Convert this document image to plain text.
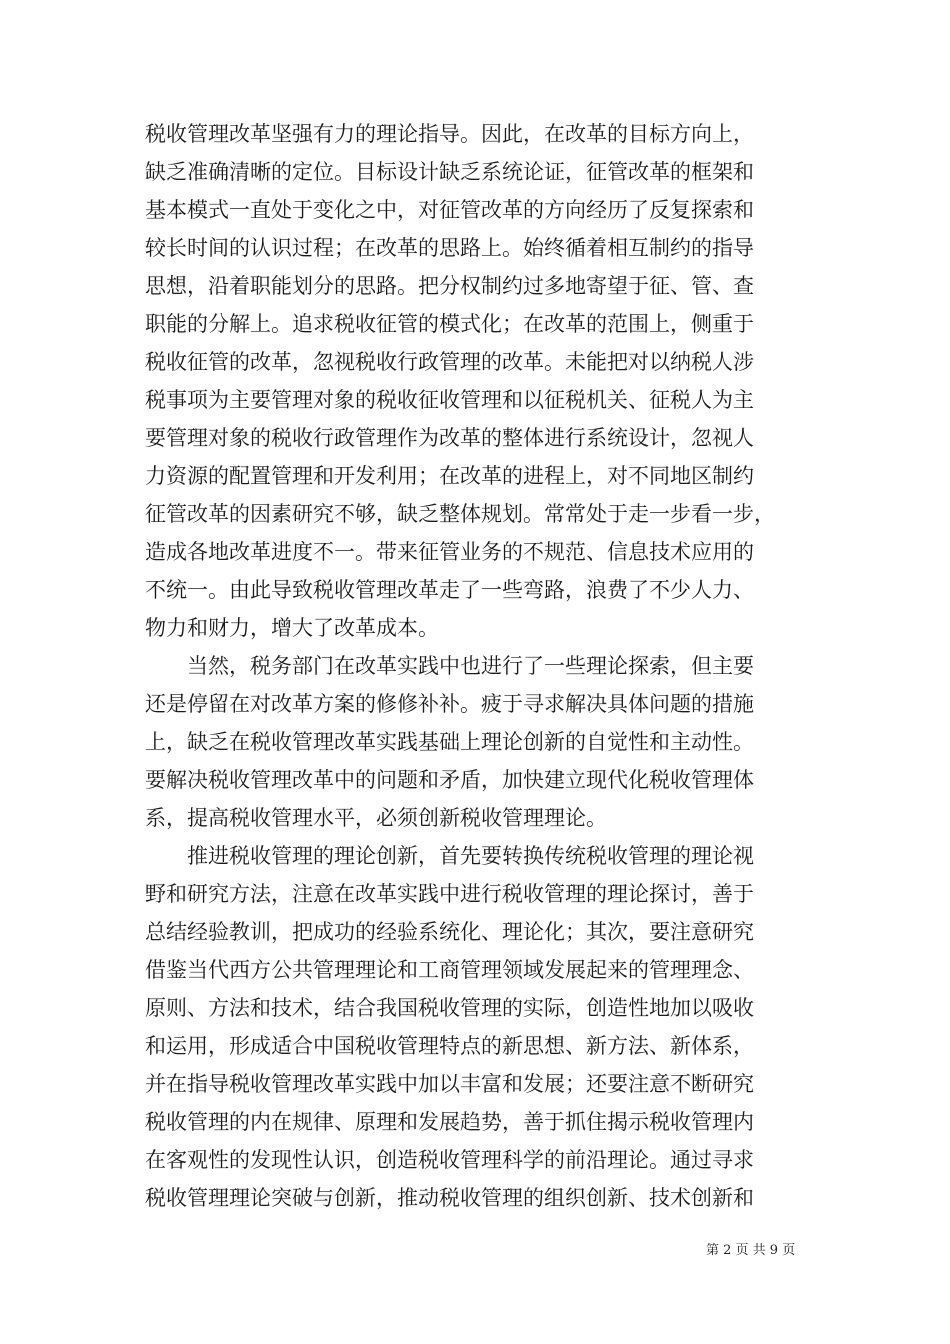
税收管理改革坚强有力的理论指导。因此，在改革的目标方向上，
缺乏准确清晰的定位。目标设计缺乏系统论证，征管改革的框架和
基本模式一直处于变化之中，对征管改革的方向经历了反复探索和
较长时间的认识过程；在改革的思路上。始终循着相互制约的指导
思想，沿着职能划分的思路。把分权制约过多地寄望于征、管、查
职能的分解上。追求税收征管的模式化；在改革的范围上，侧重于
税收征管的改革，忽视税收行政管理的改革。未能把对以纳税人涉
税事项为主要管理对象的税收征收管理和以征税机关、征税人为主
要管理对象的税收行政管理作为改革的整体进行系统设计，忽视人
力资源的配置管理和开发利用；在改革的进程上，对不同地区制约
征管改革的因素研究不够，缺乏整体规划。常常处于走一步看一步，
造成各地改革进度不一。带来征管业务的不规范、信息技术应用的
不统一。由此导致税收管理改革走了一些弯路，浪费了不少人力、
物力和财力，增大了改革成本。
当然，税务部门在改革实践中也进行了一些理论探索，但主要
还是停留在对改革方案的修修补补。疲于寻求解决具体问题的措施
上，缺乏在税收管理改革实践基础上理论创新的自觉性和主动性。
要解决税收管理改革中的问题和矛盾，加快建立现代化税收管理体
系，提高税收管理水平，必须创新税收管理理论。
推进税收管理的理论创新，首先要转换传统税收管理的理论视
野和研究方法，注意在改革实践中进行税收管理的理论探讨，善于
总结经验教训，把成功的经验系统化、理论化；其次，要注意研究
借鉴当代西方公共管理理论和工商管理领域发展起来的管理理念、
原则、方法和技术，结合我国税收管理的实际，创造性地加以吸收
和运用，形成适合中国税收管理特点的新思想、新方法、新体系，
并在指导税收管理改革实践中加以丰富和发展；还要注意不断研究
税收管理的内在规律、原理和发展趋势，善于抓住揭示税收管理内
在客观性的发现性认识，创造税收管理科学的前沿理论。通过寻求
税收管理理论突破与创新，推动税收管理的组织创新、技术创新和
第 2 页 共 9 页
